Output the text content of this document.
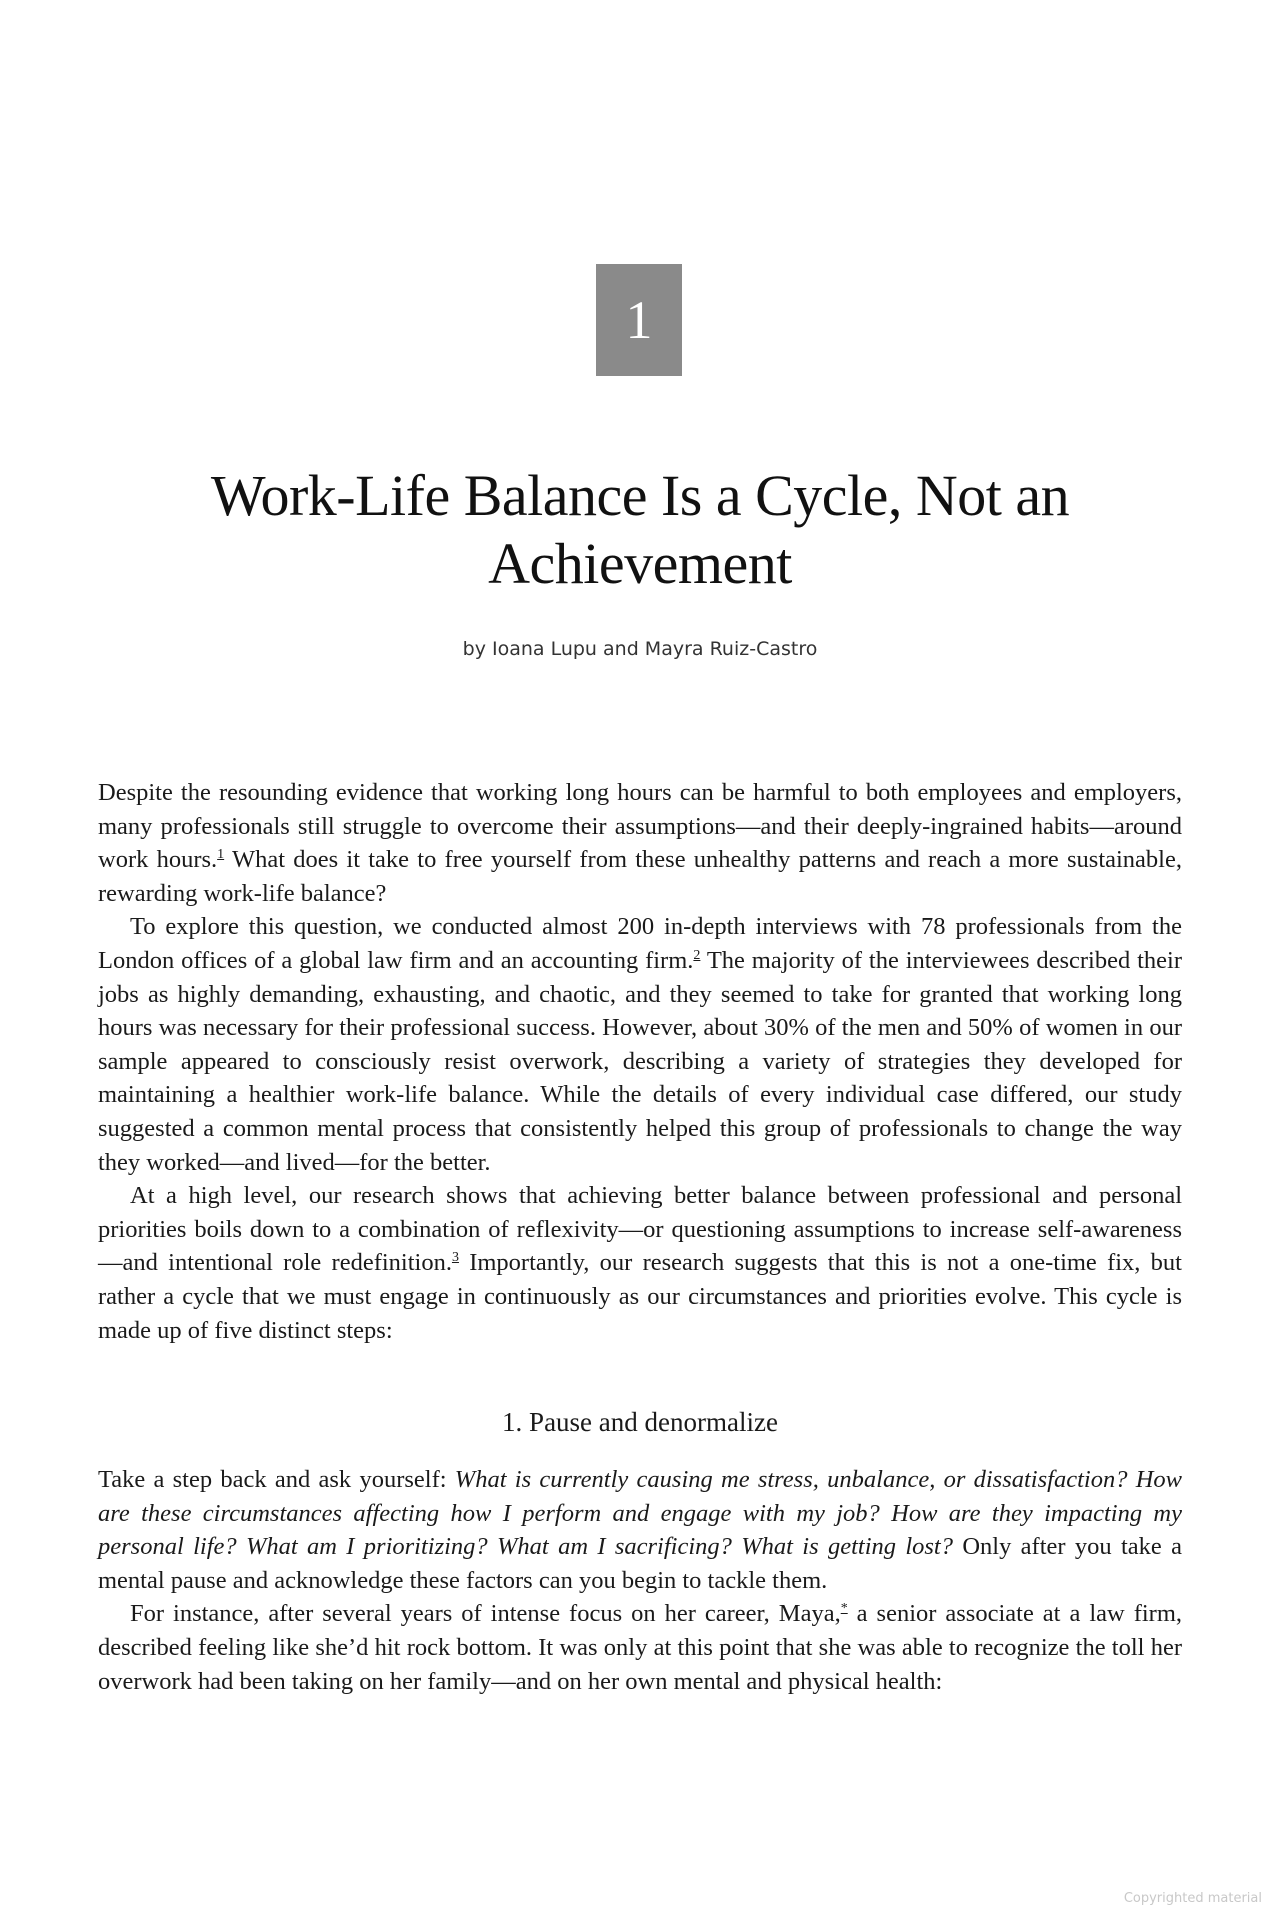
1
Work-Life Balance Is a Cycle, Not an Achievement
by Ioana Lupu and Mayra Ruiz-Castro

Despite the resounding evidence that working long hours can be harmful to both employees and employers, many professionals still struggle to overcome their assumptions—and their deeply-ingrained habits—around work hours.$^1$ What does it take to free yourself from these unhealthy patterns and reach a more sustainable, rewarding work-life balance?

To explore this question, we conducted almost 200 in-depth interviews with 78 professionals from the London offices of a global law firm and an accounting firm.$^2$ The majority of the interviewees described their jobs as highly demanding, exhausting, and chaotic, and they seemed to take for granted that working long hours was necessary for their professional success. However, about 30% of the men and 50% of women in our sample appeared to consciously resist overwork, describing a variety of strategies they developed for maintaining a healthier work-life balance. While the details of every individual case differed, our study suggested a common mental process that consistently helped this group of professionals to change the way they worked—and lived—for the better.

At a high level, our research shows that achieving better balance between professional and personal priorities boils down to a combination of reflexivity—or questioning assumptions to increase self-awareness—and intentional role redefinition.$^3$ Importantly, our research suggests that this is not a one-time fix, but rather a cycle that we must engage in continuously as our circumstances and priorities evolve. This cycle is made up of five distinct steps:

1. Pause and denormalize

Take a step back and ask yourself: What is currently causing me stress, unbalance, or dissatisfaction? How are these circumstances affecting how I perform and engage with my job? How are they impacting my personal life? What am I prioritizing? What am I sacrificing? What is getting lost? Only after you take a mental pause and acknowledge these factors can you begin to tackle them.

For instance, after several years of intense focus on her career, Maya,* a senior associate at a law firm, described feeling like she’d hit rock bottom. It was only at this point that she was able to recognize the toll her overwork had been taking on her family—and on her own mental and physical health:

Copyrighted material
